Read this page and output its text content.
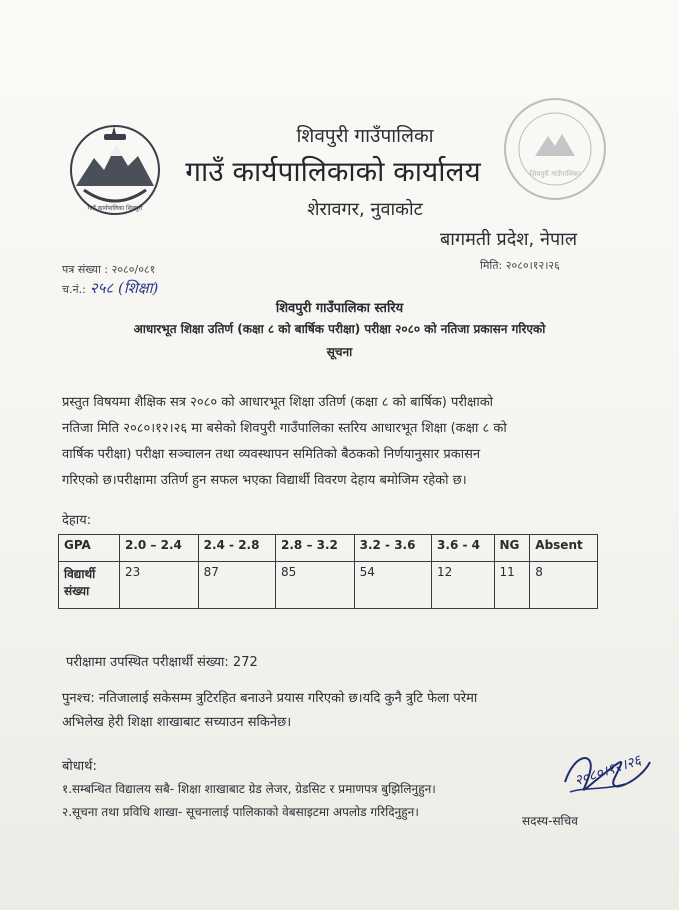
गाउँ कार्यपालिका शिवपुरी
शिवपुरी गाउँपालिका
शिवपुरी गाउँपालिका
गाउँ कार्यपालिकाको कार्यालय
शेरावगर, नुवाकोट
बागमती प्रदेश, नेपाल
पत्र संख्या : २०८०/०८१
च.नं.: २५८ (शिक्षा)
मिति: २०८०।१२।२६
शिवपुरी गाउँपालिका स्तरिय
आधारभूत शिक्षा उतिर्ण (कक्षा ८ को बार्षिक परीक्षा) परीक्षा २०८० को नतिजा प्रकासन गरिएको
सूचना
प्रस्तुत विषयमा शैक्षिक सत्र २०८० को आधारभूत शिक्षा उतिर्ण (कक्षा ८ को बार्षिक) परीक्षाको
नतिजा मिति २०८०।१२।२६ मा बसेको शिवपुरी गाउँपालिका स्तरिय आधारभूत शिक्षा (कक्षा ८ को
वार्षिक परीक्षा) परीक्षा सञ्चालन तथा व्यवस्थापन समितिको बैठकको निर्णयानुसार प्रकासन
गरिएको छ।परीक्षामा उतिर्ण हुन सफल भएका विद्यार्थी विवरण देहाय बमोजिम रहेको छ।
देहाय:
GPA	2.0 – 2.4	2.4 - 2.8	2.8 – 3.2	3.2 - 3.6	3.6 - 4	NG	Absent
विद्यार्थी संख्या	23	87	85	54	12	11	8
परीक्षामा उपस्थित परीक्षार्थी संख्या: 272
पुनश्च: नतिजालाई सकेसम्म त्रुटिरहित बनाउने प्रयास गरिएको छ।यदि कुनै त्रुटि फेला परेमा
अभिलेख हेरी शिक्षा शाखाबाट सच्याउन सकिनेछ।
बोधार्थ:
१.सम्बन्धित विद्यालय सबै- शिक्षा शाखाबाट ग्रेड लेजर, ग्रेडसिट र प्रमाणपत्र बुझिलिनुहुन।
२.सूचना तथा प्रविधि शाखा- सूचनालाई पालिकाको वेबसाइटमा अपलोड गरिदिनुहुन।
२०८०।१२।२६
सदस्य-सचिव
